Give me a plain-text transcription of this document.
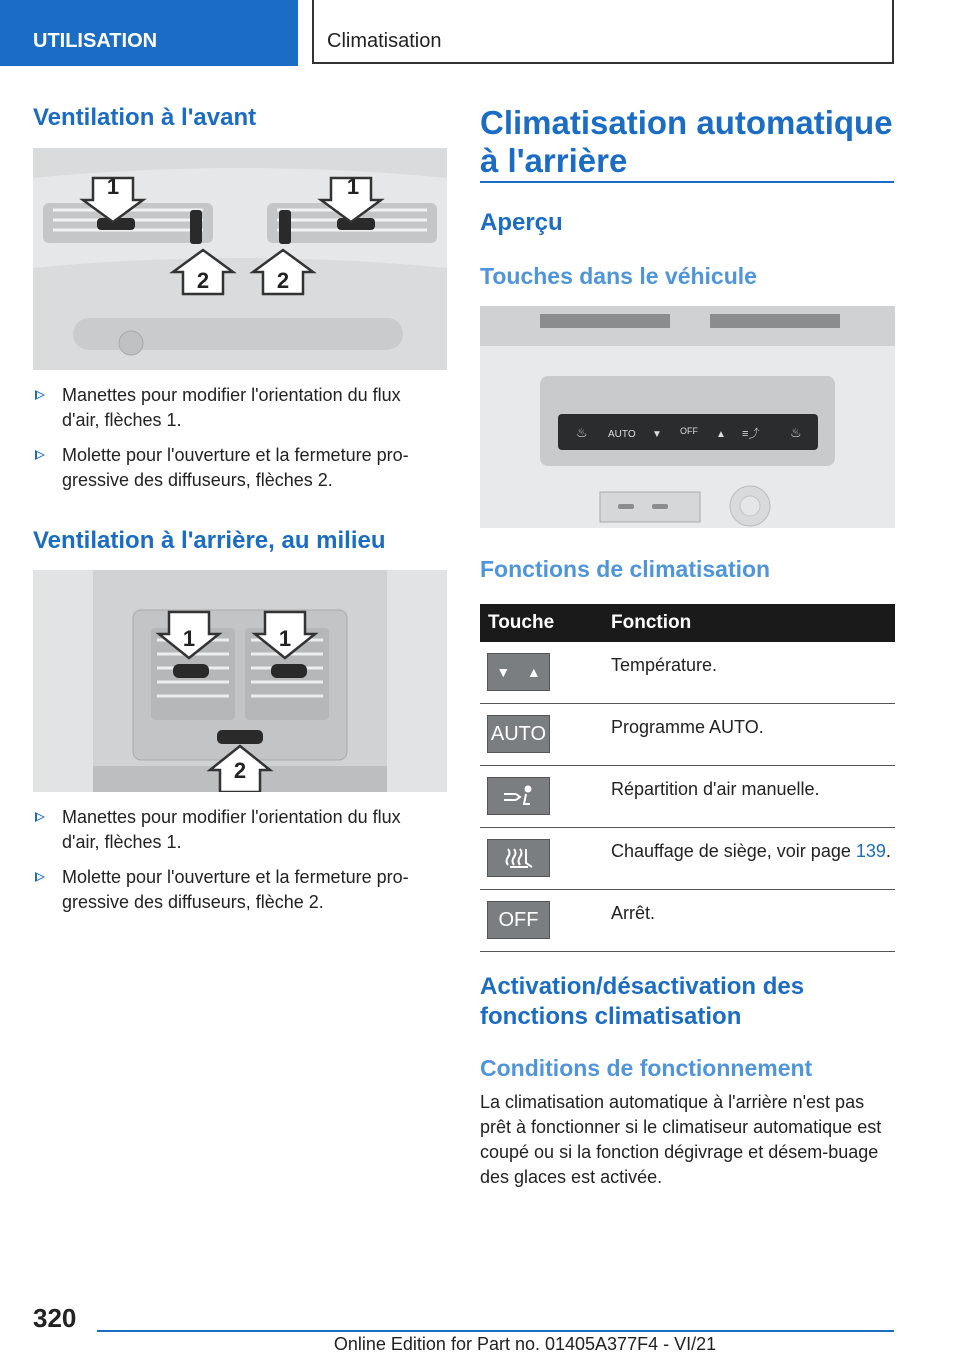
UTILISATION	Climatisation
Ventilation à l'avant
1	1
2	2
Manettes pour modifier l'orientation du flux d'air, flèches 1.
Molette pour l'ouverture et la fermeture pro-gressive des diffuseurs, flèches 2.
Ventilation à l'arrière, au milieu
1	1
2
Manettes pour modifier l'orientation du flux d'air, flèches 1.
Molette pour l'ouverture et la fermeture pro-gressive des diffuseurs, flèche 2.
Climatisation automatique
à l'arrière
Aperçu
Touches dans le véhicule
♨ AUTO ▼ OFF ▲ ≡⤴ ♨
Fonctions de climatisation
Touche	Fonction

▼ ▲	Température.

AUTO	Programme AUTO.

	Répartition d'air manuelle.

	Chauffage de siège, voir page 139.

OFF	Arrêt.
Activation/désactivation des
fonctions climatisation
Conditions de fonctionnement

La climatisation automatique à l'arrière n'est pas prêt à fonctionner si le climatiseur automatique est coupé ou si la fonction dégivrage et désem-buage des glaces est activée.

320
Online Edition for Part no. 01405A377F4 - VI/21
